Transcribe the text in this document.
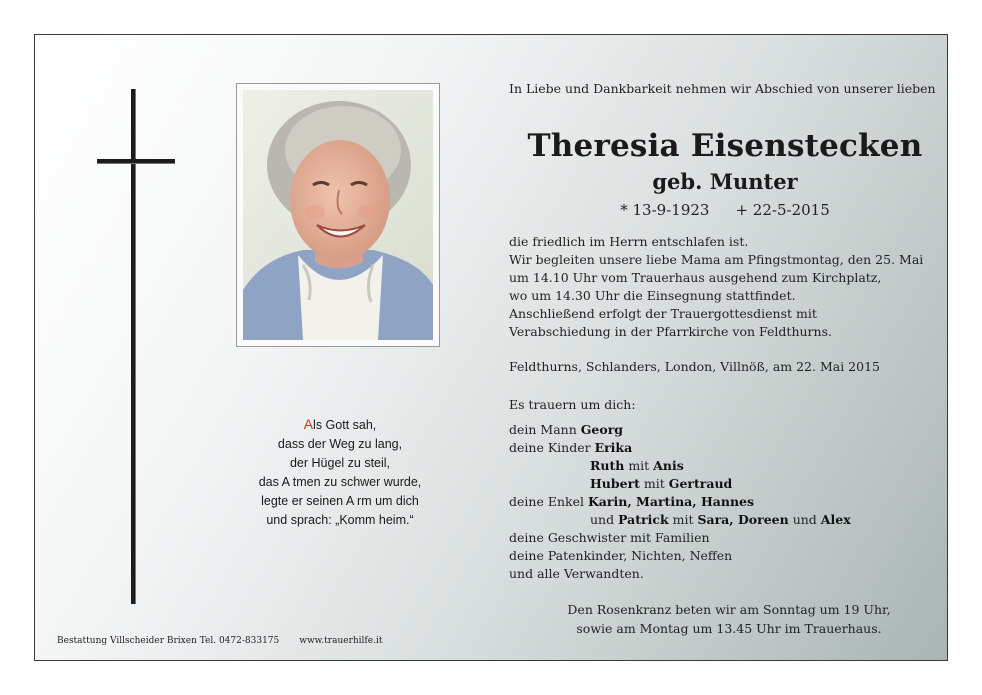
Als Gott sah,
dass der Weg zu lang,
der Hügel zu steil,
das A tmen zu schwer wurde,
legte er seinen A rm um dich
und sprach: „Komm heim.“
In Liebe und Dankbarkeit nehmen wir Abschied von unserer lieben
Theresia Eisenstecken
geb. Munter
* 13-9-1923 + 22-5-2015
die friedlich im Herrn entschlafen ist.
Wir begleiten unsere liebe Mama am Pfingstmontag, den 25. Mai
um 14.10 Uhr vom Trauerhaus ausgehend zum Kirchplatz,
wo um 14.30 Uhr die Einsegnung stattfindet.
Anschließend erfolgt der Trauergottesdienst mit
Verabschiedung in der Pfarrkirche von Feldthurns.
Feldthurns, Schlanders, London, Villnöß, am 22. Mai 2015
Es trauern um dich:
dein Mann Georg
deine Kinder Erika
Ruth mit Anis
Hubert mit Gertraud
deine Enkel Karin, Martina, Hannes
und Patrick mit Sara, Doreen und Alex
deine Geschwister mit Familien
deine Patenkinder, Nichten, Neffen
und alle Verwandten.
Den Rosenkranz beten wir am Sonntag um 19 Uhr,
sowie am Montag um 13.45 Uhr im Trauerhaus.
Bestattung Villscheider Brixen Tel. 0472-833175 www.trauerhilfe.it
